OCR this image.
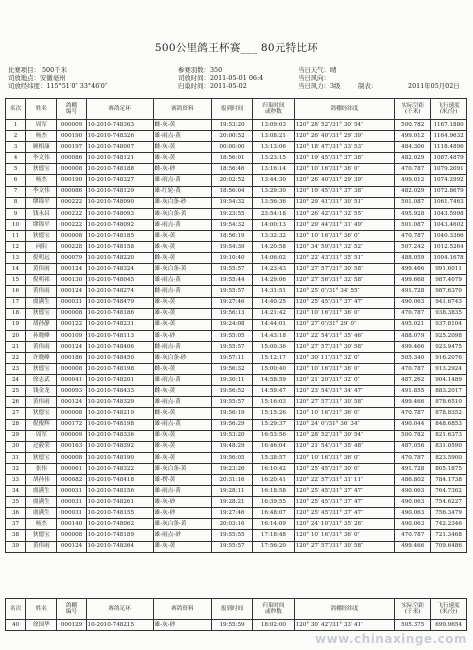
500公里鸽王杯赛___ 80元特比环
比赛项目： 500千米	参赛羽数：350	当日天气：晴
司放地点：安徽亳州	司放时间：2011-05-01 06:4	当日风向：
司放经纬度：115°51′0″ 33°46′0″	归巢时间：2011-05-02	当日风力：3级	制表：	2011年05月02日
名次	姓名	鸽棚
编号	赛鸽足环	赛鸽资料	报到时间	归巢时间
或秒数	鸽棚经纬度	实际空距
(千米)	飞行速度
(米/分)
1	周军	000009	10-2010-748363	雌-灰-黄	19:53:20	13:09:03	120° 28′ 52″/31° 30′ 54″	500.782	1167.1880
2	杨杰	000190	10-2010-748326	雄-雨点-黄	20:00:52	13:08:21	120° 26′ 40″/31° 29′ 39″	499.012	1164.9632
3	顾相康	000197	10-2010-748007	雌-灰-黄	00:00:00	13:13:06	120° 18′ 47″/31° 33′ 53″	484.306	1118.4896
4	李文伟	000086	10-2010-748121	雄-灰-黄	18:56:01	13:23:15	120° 19′ 45″/31° 37′ 38″	482.029	1087.4879
5	狄德宝	000008	10-2010-748188	雌-灰-砂	18:56:46	13:16:14	120° 10′ 16″/31° 36′ 0″	470.787	1079.2091
6	杨杰	000190	10-2010-748327	雄-雨点-黄	20:02:52	13:44:30	120° 26′ 40″/31° 29′ 39″	499.012	1074.2992
7	李文伟	000086	10-2010-748129	雄-红轮-黄	18:56:04	13:29:30	120° 19′ 45″/31° 37′ 38″	482.029	1072.8679
8	缪锦平	000222	10-2010-748090	雄-灰白条-砂	19:54:32	13:56:36	120° 29′ 41″/31° 30′ 51″	501.087	1061.7463
9	钱永昌	000222	10-2010-748093	雄-灰白条-黄	19:23:55	23:54:18	120° 26′ 42″/31° 32′ 55″	495.928	1043.5998
10	缪锦平	000222	10-2010-748092	雄-雨点-黄	19:54:32	14:00:13	120° 29′ 44″/31° 31′ 49″	501.087	1043.4602
11	狄德宝	000008	10-2010-748185	雄-灰-黄	18:56:19	13:32:32	120° 10′ 16″/31° 36′ 0″	470.787	1040.3366
12	向阳	000228	10-2010-748158	雄-灰-黄	19:54:39	14:20:58	120° 34′ 59″/31° 32′ 52″	507.242	1012.5264
13	倪明远	000079	10-2010-748220	雌-灰-黄	19:10:40	14:06:02	120° 22′ 43″/31° 35′ 51″	488.059	1004.1678
14	黄伟雨	000124	10-2010-748324	雄-灰白条-黄	19:55:57	14:23:43	120° 27′ 57″/31° 30′ 58″	499.466	991.6011
15	倪明祁	000130	10-2010-748045	雄-雨点-黄	19:55:44	14:29:06	120° 27′ 56″/31° 32′ 58″	499.668	987.4079
16	黄伟雨	000124	10-2010-748274	雌-雨点-黄	19:55:57	14:31:51	120° 25′ 0″/31° 34′ 55″	491.728	987.6370
17	虞满生	000031	10-2010-748479	雄-灰-黄	19:27:46	14:40:25	120° 25′ 45″/31° 37′ 47″	490.063	941.6743
18	狄德宝	000008	10-2010-748186	雄-灰-黄	19:56:13	14:21:42	120° 10′ 16″/31° 36′ 0″	470.787	938.3835
19	胡孙静	000122	10-2010-748231	雄-灰-黄	19:24:08	14:44:01	120° 27′ 0″/31° 29′ 0″	495.021	937.8104
20	孙晓峰	000109	10-2010-748113	雄-灰-砂	19:55:05	14:43:18	120° 22′ 54″/31° 35′ 46″	488.079	925.2098
21	黄伟雨	000124	10-2010-748406	雌-雨点-黄	19:55:57	15:00:36	120° 27′ 57″/31° 30′ 58″	499.466	923.9475
22	许晓峰	000186	10-2010-748450	雄-灰白条-砂	19:57:11	15:12:17	120° 30′ 11″/31° 32′ 0″	505.340	916.2076
23	狄德宝	000008	10-2010-748198	雌-灰-黄	19:56:32	15:00:40	120° 10′ 16″/31° 36′ 0″	470.787	913.2924
24	徐志武	000041	10-2010-748201	雄-雨点-黄	19:30:11	14:58:59	120° 21′ 20″/31° 32′ 0″	487.262	904.1489
25	钱金龙	000093	10-2010-748433	雌-灰-黄	19:56:52	14:59:47	120° 23′ 54″/31° 34′ 47″	491.855	883.2017
26	黄伟雨	000124	10-2010-748329	雄-雨点-黄	19:55:57	15:16:03	120° 27′ 57″/31° 30′ 58″	499.466	878.6510
27	狄德宝	000008	10-2010-748219	雌-灰-黄	19:56:19	15:15:26	120° 10′ 16″/31° 36′ 0″	470.787	878.8352
28	倪俊辉	000172	10-2010-748198	雄-雨点-黄	19:56:29	15:29:37	120° 24′ 0″/31° 36′ 34″	490.044	848.6853
29	周军	000009	10-2010-748336	雄-灰-黄	19:53:20	16:53:56	120° 28′ 52″/31° 30′ 54″	500.782	821.6373
30	过毅荣	000163	10-2010-748392	雄-灰-黄	19:48:29	16:46:04	120° 21′ 54″/31° 35′ 48″	487.056	831.0590
31	狄德宝	000008	10-2010-748190	雄-灰-黄	19:56:05	15:38:57	120° 10′ 16″/31° 36′ 0″	470.787	823.5900
32	张伟	000061	10-2010-748322	雄-灰白条-黄	19:23:26	16:10:42	120° 25′ 45″/31° 30′ 0″	491.728	805.1875
33	胡孙伟	000082	10-2010-748418	雄-楞-黄	20:31:16	16:20:41	120° 22′ 57″/31° 31′ 11″	486.802	784.1738
34	虞满生	000031	10-2010-748156	雄-雨点-黄	19:28:11	16:18:58	120° 25′ 45″/31° 37′ 47″	490.063	764.7362
35	虞满生	000031	10-2010-748261	雄-灰-砂	19:28:21	16:39:55	120° 25′ 45″/31° 37′ 47″	490.063	754.6227
36	虞满生	000031	10-2010-748155	雄-灰-砂	19:27:46	16:48:07	120° 25′ 45″/31° 37′ 47″	490.063	756.3479
37	杨杰	000140	10-2010-748062	雄-灰白条-黄	20:03:16	16:14:09	120° 24′ 10″/31° 35′ 26″	490.063	742.2346
38	狄德宝	000008	10-2010-748189	雄-雨点-砂	19:55:55	17:18:48	120° 10′ 16″/31° 36′ 0″	470.787	721.3468
39	黄伟雨	000124	10-2010-748364	雄-灰-黄	19:55:57	17:56:20	120° 27′ 57″/31° 30′ 58″	499.466	709.6486
名次	姓名	鸽棚
编号	赛鸽足环	赛鸽资料	报到时间	归巢时间
或秒数	鸽棚经纬度	实际空距
(千米)	飞行速度
(米/分)
40	徐国华	000129	10-2010-748215	雄-灰-砂	19:55:59	18:02:00	120° 30′ 42″/31° 33′ 41″	505.375	699.9654
www.chinaxinge.com
